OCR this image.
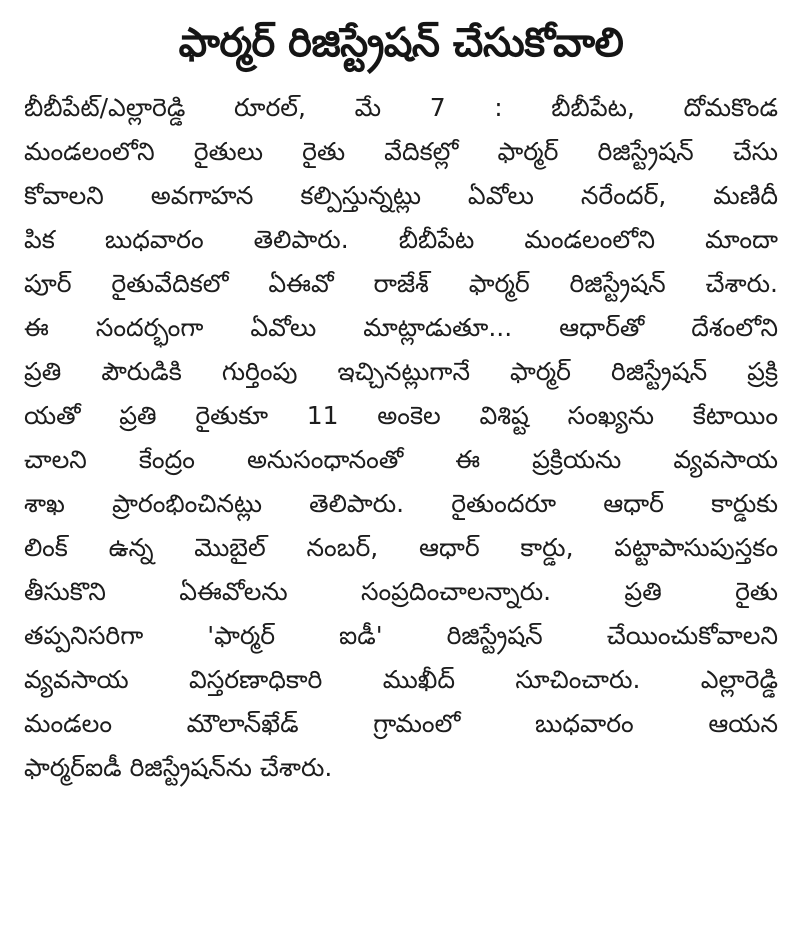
ఫార్మర్ రిజిస్ట్రేషన్ చేసుకోవాలి
బీబీపేట్/ఎల్లారెడ్డి రూరల్, మే 7 : బీబీపేట, దోమకొండ
మండలంలోని రైతులు రైతు వేదికల్లో ఫార్మర్ రిజిస్ట్రేషన్ చేసు
కోవాలని అవగాహన కల్పిస్తున్నట్లు ఏవోలు నరేందర్, మణిదీ
పిక బుధవారం తెలిపారు. బీబీపేట మండలంలోని మాందా
పూర్ రైతువేదికలో ఏఈవో రాజేశ్ ఫార్మర్ రిజిస్ట్రేషన్ చేశారు.
ఈ సందర్భంగా ఏవోలు మాట్లాడుతూ... ఆధార్‌తో దేశంలోని
ప్రతి పౌరుడికి గుర్తింపు ఇచ్చినట్లుగానే ఫార్మర్ రిజిస్ట్రేషన్ ప్రక్రి
యతో ప్రతి రైతుకూ 11 అంకెల విశిష్ట సంఖ్యను కేటాయిం
చాలని కేంద్రం అనుసంధానంతో ఈ ప్రక్రియను వ్యవసాయ
శాఖ ప్రారంభించినట్లు తెలిపారు. రైతుందరూ ఆధార్ కార్డుకు
లింక్ ఉన్న మొబైల్ నంబర్, ఆధార్ కార్డు, పట్టాపాసుపుస్తకం
తీసుకొని ఏఈవోలను సంప్రదించాలన్నారు. ప్రతి రైతు
తప్పనిసరిగా 'ఫార్మర్ ఐడీ' రిజిస్ట్రేషన్ చేయించుకోవాలని
వ్యవసాయ విస్తరణాధికారి ముఖీద్ సూచించారు. ఎల్లారెడ్డి
మండలం మౌలాన్‌ఖేడ్ గ్రామంలో బుధవారం ఆయన
ఫార్మర్‌ఐడీ రిజిస్ట్రేషన్‌ను చేశారు.
